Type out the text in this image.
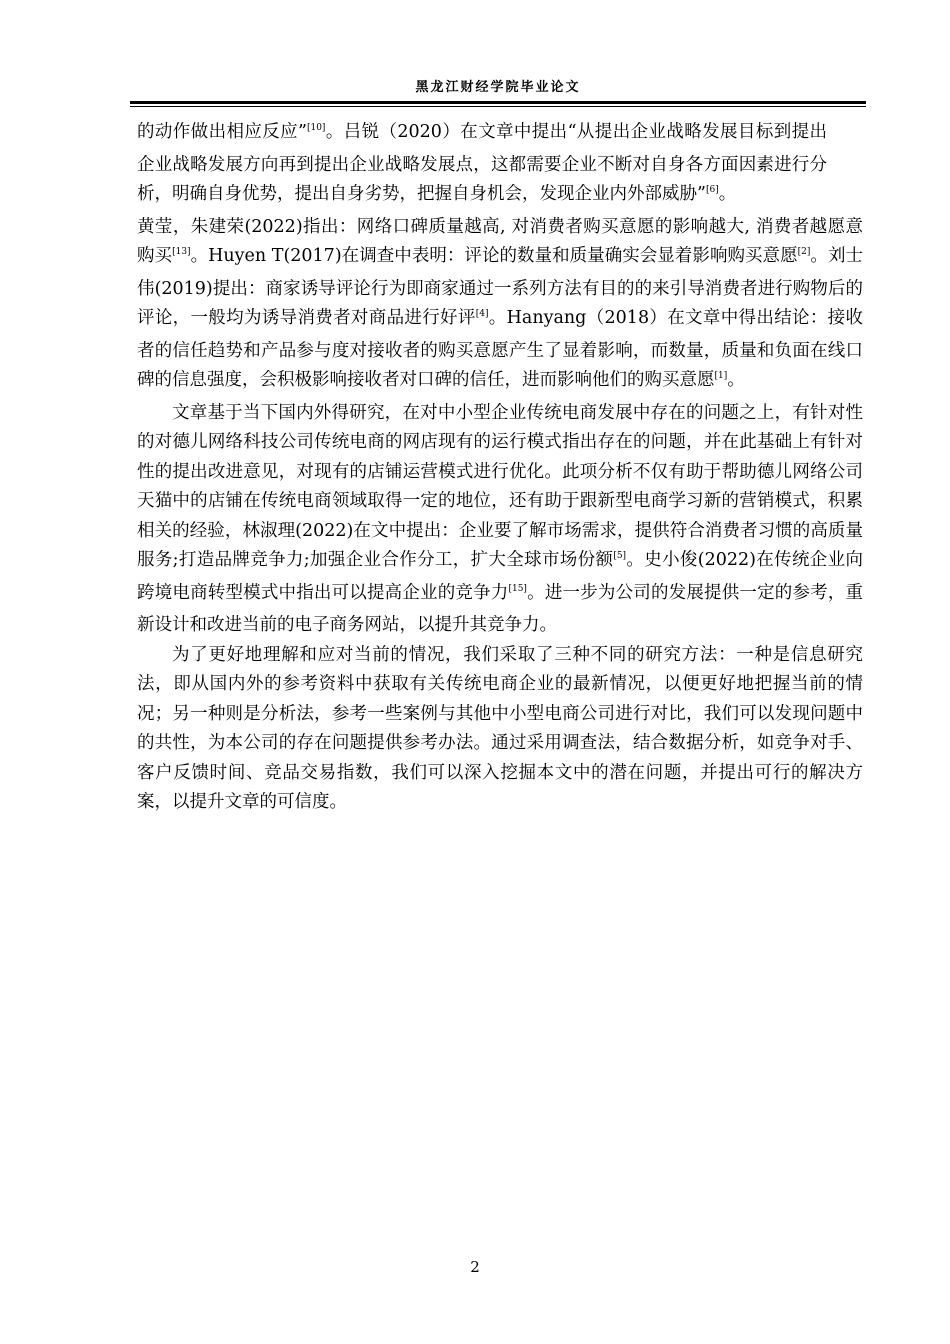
黑龙江财经学院毕业论文

的动作做出相应反应”[10]。吕锐（2020）在文章中提出“从提出企业战略发展目标到提出企业战略发展方向再到提出企业战略发展点，这都需要企业不断对自身各方面因素进行分析，明确自身优势，提出自身劣势，把握自身机会，发现企业内外部威胁”[6]。

黄莹，朱建荣(2022)指出：网络口碑质量越高, 对消费者购买意愿的影响越大, 消费者越愿意购买[13]。Huyen T(2017)在调查中表明：评论的数量和质量确实会显着影响购买意愿[2]。刘士伟(2019)提出：商家诱导评论行为即商家通过一系列方法有目的的来引导消费者进行购物后的评论，一般均为诱导消费者对商品进行好评[4]。Hanyang（2018）在文章中得出结论：接收者的信任趋势和产品参与度对接收者的购买意愿产生了显着影响，而数量，质量和负面在线口碑的信息强度，会积极影响接收者对口碑的信任，进而影响他们的购买意愿[1]。

文章基于当下国内外得研究，在对中小型企业传统电商发展中存在的问题之上，有针对性的对德儿网络科技公司传统电商的网店现有的运行模式指出存在的问题，并在此基础上有针对性的提出改进意见，对现有的店铺运营模式进行优化。此项分析不仅有助于帮助德儿网络公司天猫中的店铺在传统电商领域取得一定的地位，还有助于跟新型电商学习新的营销模式，积累相关的经验，林淑理(2022)在文中提出：企业要了解市场需求，提供符合消费者习惯的高质量服务;打造品牌竞争力;加强企业合作分工，扩大全球市场份额[5]。史小俊(2022)在传统企业向跨境电商转型模式中指出可以提高企业的竞争力[15]。进一步为公司的发展提供一定的参考，重新设计和改进当前的电子商务网站，以提升其竞争力。

为了更好地理解和应对当前的情况，我们采取了三种不同的研究方法：一种是信息研究法，即从国内外的参考资料中获取有关传统电商企业的最新情况，以便更好地把握当前的情况；另一种则是分析法，参考一些案例与其他中小型电商公司进行对比，我们可以发现问题中的共性，为本公司的存在问题提供参考办法。通过采用调查法，结合数据分析，如竞争对手、客户反馈时间、竞品交易指数，我们可以深入挖掘本文中的潜在问题，并提出可行的解决方案，以提升文章的可信度。

2
